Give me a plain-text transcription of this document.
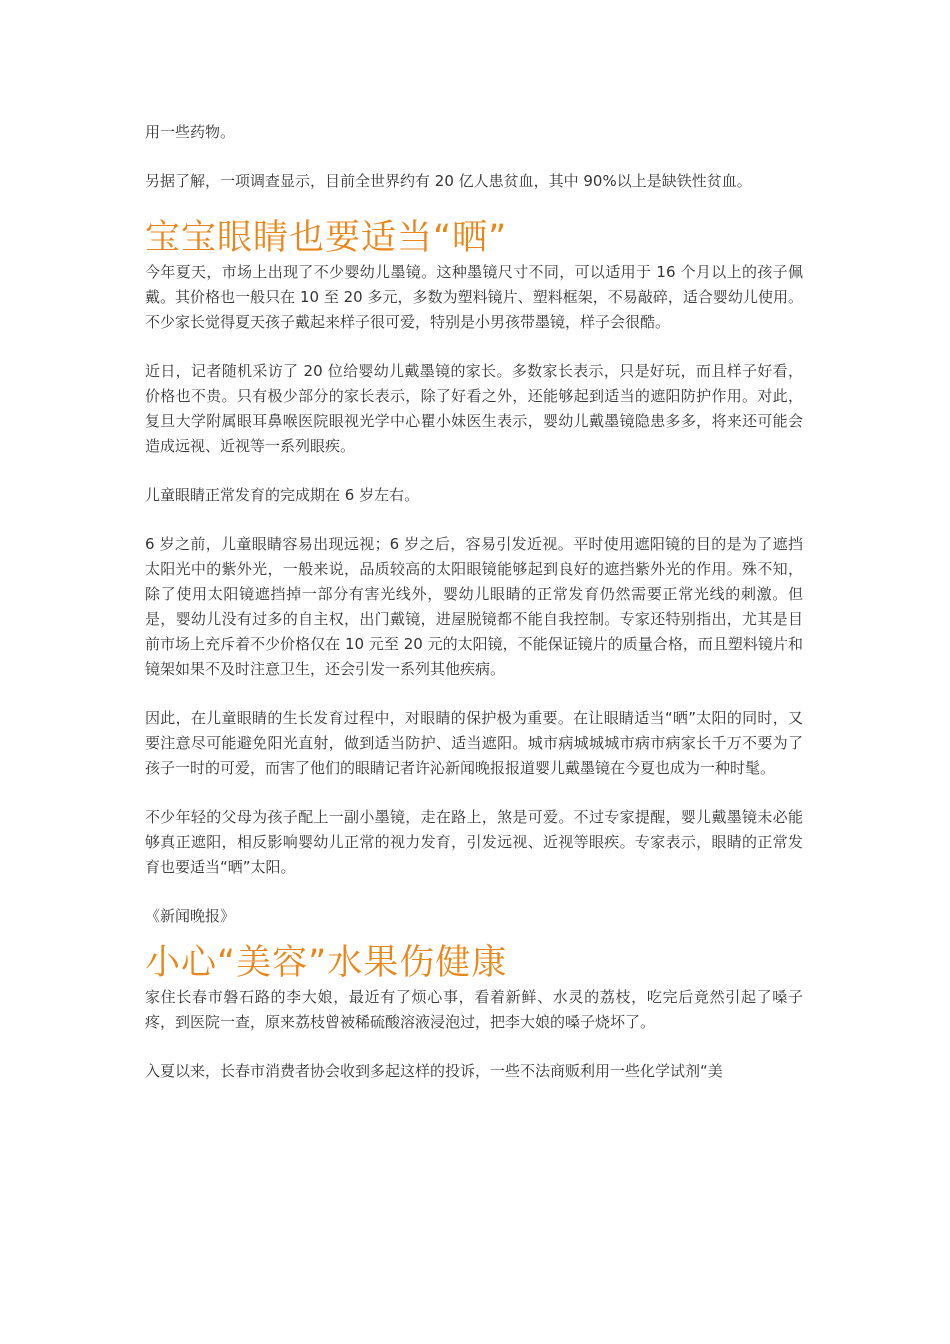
用一些药物。

另据了解，一项调查显示，目前全世界约有 20 亿人患贫血，其中 90%以上是缺铁性贫血。

宝宝眼睛也要适当“晒”

今年夏天，市场上出现了不少婴幼儿墨镜。这种墨镜尺寸不同，可以适用于 16 个月以上的孩子佩戴。其价格也一般只在 10 至 20 多元，多数为塑料镜片、塑料框架，不易敲碎，适合婴幼儿使用。不少家长觉得夏天孩子戴起来样子很可爱，特别是小男孩带墨镜，样子会很酷。

近日，记者随机采访了 20 位给婴幼儿戴墨镜的家长。多数家长表示，只是好玩，而且样子好看，价格也不贵。只有极少部分的家长表示，除了好看之外，还能够起到适当的遮阳防护作用。对此，复旦大学附属眼耳鼻喉医院眼视光学中心瞿小妹医生表示，婴幼儿戴墨镜隐患多多，将来还可能会造成远视、近视等一系列眼疾。

儿童眼睛正常发育的完成期在 6 岁左右。

6 岁之前，儿童眼睛容易出现远视；6 岁之后，容易引发近视。平时使用遮阳镜的目的是为了遮挡太阳光中的紫外光，一般来说，品质较高的太阳眼镜能够起到良好的遮挡紫外光的作用。殊不知，除了使用太阳镜遮挡掉一部分有害光线外，婴幼儿眼睛的正常发育仍然需要正常光线的刺激。但是，婴幼儿没有过多的自主权，出门戴镜，进屋脱镜都不能自我控制。专家还特别指出，尤其是目前市场上充斥着不少价格仅在 10 元至 20 元的太阳镜，不能保证镜片的质量合格，而且塑料镜片和镜架如果不及时注意卫生，还会引发一系列其他疾病。

因此，在儿童眼睛的生长发育过程中，对眼睛的保护极为重要。在让眼睛适当“晒”太阳的同时，又要注意尽可能避免阳光直射，做到适当防护、适当遮阳。城市病城城城市病市病家长千万不要为了孩子一时的可爱，而害了他们的眼睛记者许沁新闻晚报报道婴儿戴墨镜在今夏也成为一种时髦。

不少年轻的父母为孩子配上一副小墨镜，走在路上，煞是可爱。不过专家提醒，婴儿戴墨镜未必能够真正遮阳，相反影响婴幼儿正常的视力发育，引发远视、近视等眼疾。专家表示，眼睛的正常发育也要适当“晒”太阳。

《新闻晚报》

小心“美容”水果伤健康

家住长春市磐石路的李大娘，最近有了烦心事，看着新鲜、水灵的荔枝，吃完后竟然引起了嗓子疼，到医院一查，原来荔枝曾被稀硫酸溶液浸泡过，把李大娘的嗓子烧坏了。

入夏以来，长春市消费者协会收到多起这样的投诉，一些不法商贩利用一些化学试剂“美
